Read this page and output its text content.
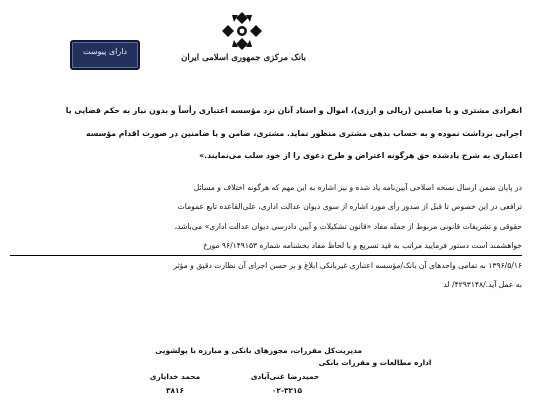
بانک مرکزی جمهوری اسلامی ایران
دارای پیوست
انفرادی مشتری و یا ضامنین (ریالی و ارزی)، اموال و اسناد آنان نزد مؤسسه اعتباری رأساً و بدون نیاز به حکم قضایی یا
اجرایی برداشت نموده و به حساب بدهی مشتری منظور نماید. مشتری، ضامن و یا ضامنین در صورت اقدام مؤسسه
اعتباری به شرح یادشده حق هرگونه اعتراض و طرح دعوی را از خود سلب می‌نمایند.»
در پایان ضمن ارسال نسخه اصلاحی آیین‌نامه یاد شده و نیز اشاره به این مهم که هرگونه اختلاف و مسائل
ترافعی در این خصوص تا قبل از صدور رأی مورد اشاره از سوی دیوان عدالت اداری، علی‌القاعده تابع عمومات
حقوقی و تشریفات قانونی مربوط از جمله مفاد «قانون تشکیلات و آیین دادرسی دیوان عدالت اداری» می‌باشد،
خواهشمند است دستور فرمایید مراتب به قید تسریع و با لحاظ مفاد بخشنامه شماره ۹۶/۱۴۹۱۵۳ مورخ
۱۳۹۶/۵/۱۶ به تمامی واحدهای آن بانک/مؤسسه اعتباری غیربانکی ابلاغ و بر حسن اجرای آن نظارت دقیق و مؤثر
به عمل آید./۴۲۹۳۱۴۸/ لد
مدیریت‌کل مقررات، مجوزهای بانکی و مبارزه با پولشویی
اداره مطالعات و مقررات بانکی
حمیدرضا غنی‌آبادی
محمد خدایاری
۰۲-۳۲۱۵
۳۸۱۶
